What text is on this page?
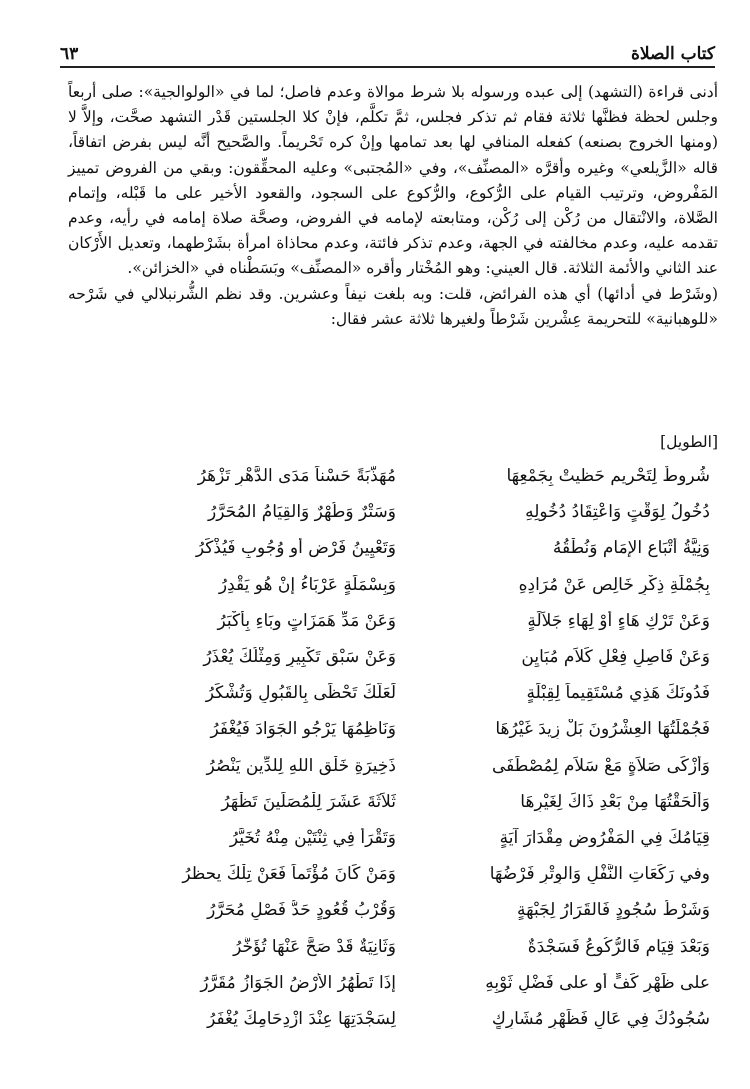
كتاب الصلاة
٦٣

أدنى قراءة (التشهد) إلى عبده ورسوله بلا شرط موالاة وعدم فاصل؛ لما في «الولوالجية»: صلى أربعاً وجلس لحظة فظنَّها ثلاثة فقام ثم تذكر فجلس، ثمَّ تكلَّم، فإنْ كلا الجلستين قَدْر التشهد صحَّت، وإلاَّ لا (ومنها الخروج بصنعه) كفعله المنافي لها بعد تمامها وإنْ كره تَحْريماً. والصَّحيح أنَّه ليس بفرض اتفاقاً، قاله «الزَّيلعي» وغيره وأقرَّه «المصنِّف»، وفي «المُجتبى» وعليه المحقِّقون: وبقي من الفروض تمييز المَفْروض، وترتيب القيام على الرُّكوع، والرُّكوع على السجود، والقعود الأخير على ما قَبْله، وإتمام الصَّلاة، والانْتقال من رُكْن إلى رُكْن، ومتابعته لإمامه في الفروض، وصحَّة صلاة إمامه في رأيه، وعدم تقدمه عليه، وعدم مخالفته في الجهة، وعدم تذكر فائتة، وعدم محاذاة امرأة بشَرْطهما، وتعديل الأَرْكان عند الثاني والأئمة الثلاثة. قال العيني: وهو المُخْتار وأقره «المصنِّف» وبَسَطْناه في «الخزائن».

(وشَرْط في أدائها) أي هذه الفرائض، قلت: وبه بلغت نيفاً وعشرين. وقد نظم الشُّرنبلالي في شَرْحه «للوهبانية» للتحريمة عِشْرين شَرْطاً ولغيرها ثلاثة عشر فقال:

[الطويل]
شُروطٌ لِتَحْريم حَظيتْ بِجَمْعِهَا
مُهَذَّبَةً حَسْناً مَدَى الدَّهْرِ تَزْهَرُ
دُخُولُ لِوَقْتٍ وَاعْتِقَادُ دُخُولِهِ
وَسَتْرٌ وَطُهْرٌ وَالقِيَامُ المُحَرَّرُ
وَنِيَّةُ أَتْبَاعِ الإِمَامِ وَنُطْقُهُ
وَتَعْيِينُ فَرْضٍ أَو وُجُوبٍ فَيُذْكَرُ
بِجُمْلَةِ ذِكْرٍ خَالِصٍ عَنْ مُرَادِهِ
وَبِسْمَلَةٍ عَرْبَاءُ إِنْ هُو يَقْدِرُ
وَعَنْ تَرْكِ هَاءٍ أَوْ لِهَاءِ جَلاَلَةٍ
وَعَنْ مَدِّ هَمَزَاتٍ وبَاءِ بِأَكْبَرُ
وَعَنْ فَاصِلٍ فِعْلٍ كَلاَمٍ مُبَايِنٍ
وَعَنْ سَبْقِ تَكْبِيرٍ وَمِثْلُكَ يُعْذَرُ
فَدُونَكَ هَذِي مُسْتَقِيماً لِقِبْلَةٍ
لَعَلَّكَ تَحْظَى بِالقَبُولِ وَتُشْكَرُ
فَجُمْلَتُهَا العِشْرُونَ بَلْ زِيدَ غَيْرُهَا
وَنَاظِمُهَا يَرْجُو الجَوَادَ فَيُغْفَرُ
وَأَزْكَى صَلاَةٍ مَعْ سَلاَمٍ لِمُصْطَفَى
ذَخِيرَةِ خَلْقِ اللهِ لِلدِّينِ يَنْصُرُ
وَأَلْحَقْتُهَا مِنْ بَعْدِ ذَاكَ لِغَيْرِهَا
ثَلاَثَةَ عَشَرَ لِلْمُصَلِّينَ تَظْهَرُ
قِيَامُكَ فِي المَفْرُوضِ مِقْدَارَ آيَةٍ
وَتَقْرَأُ فِي ثِنْتَيْنِ مِنْهُ تُخَيَّرُ
وفي رَكَعَاتِ النَّفْلِ وَالوِتْرِ فَرْضُهَا
وَمَنْ كَانَ مُؤْتَماً فَعَنْ تِلْكَ يحظرُ
وَشَرْطُ سُجُودٍ فَالقَرَارُ لِجَبْهَةٍ
وَقُرْبُ قُعُودٍ حَدُّ فَصْلٍ مُحَرَّرُ
وَبَعْدَ قِيَامٍ فَالرُّكُوعُ فَسَجْدَةٌ
وَثَانِيَةٌ قَدْ صَحَّ عَنْهَا تُؤَخَّرُ
على ظَهْرِ كَفٍّ أَو على فَضْلِ ثَوْبِهِ
إِذَا تَطْهُرُ الأَرْضُ الجَوَازُ مُقَرَّرُ
سُجُودُكَ فِي عَالٍ فَظَهْرِ مُشَارِكٍ
لِسَجْدَتِهَا عِنْدَ ازْدِحَامِكَ يُغْفَرُ
